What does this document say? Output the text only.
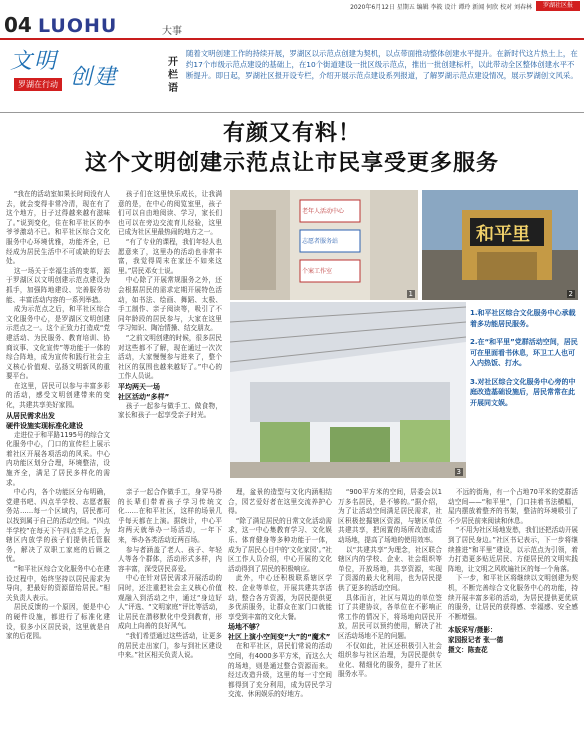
2020年6月12日 星期五 编辑 李筱 设计 谭玲 新闻 何欣 校对 刘春林	罗湖社区报
04 LUOHU	大事
文明
创建
罗湖在行动
开栏语
随着文明创建工作的持续开展，罗湖区以示范点创建为契机，以点带面推动整体创建水平提升。在新时代这片热土上，在约17个市级示范点建设的基础上，在10个街道建设一批区级示范点，推出一批创建标杆，以此带动全区整体创建水平不断提升。即日起，罗湖社区报开设专栏，介绍开展示范点建设系列报道，了解罗湖示范点建设情况，展示罗湖创文风采。
有颜又有料！
这个文明创建示范点让市民享受更多服务

“我在的活动室如果长时间没有人去，就会变得非常冷清，现在有了这个地方，日子过得越来越有滋味了。”说到变化，住在和平社区的李爷爷激动不已。和平社区综合文化服务中心环境优雅，功能齐全，已经成为居民生活中不可或缺的好去处。

这一场关于幸福生活的变革，源于罗湖区以文明创建示范点建设为抓手，加强阵地建设、完善服务功能、丰富活动内容的一系列举措。

成为示范点之后，和平社区综合文化服务中心，是罗湖区文明创建示范点之一。这个正致力打造成“党建活动、为民服务、教育培训、协商议事、文化宣传”等功能于一体的综合阵地，成为宣传和践行社会主义核心价值观、弘扬文明新风的重要平台。

在这里，居民可以参与丰富多彩的活动，感受文明创建带来的变化，共建共享美好家园。

从居民需求出发
硬件设施实现标准化建设

走进位于和平路1195号的综合文化服务中心，门口的宣传栏上展示着社区开展各项活动的风采。中心内功能区划分合理，环境整洁，设施齐全，满足了居民多样化的需求。

中心内，各个功能区分布明确，党建书吧、四点半学校、志愿者服务站……每一个区域内，居民都可以找到属于自己的活动空间。“四点半学校”在每天下午四点半之后，为辖区内放学的孩子们提供托管服务，解决了双职工家庭的后顾之忧。

“和平社区综合文化服务中心在建设过程中，始终坚持以居民需求为导向，把最好的资源留给居民。”相关负责人表示。

居民反馈的一个原因，便是中心的硬件设施，都进行了标准化建设，很多小区居民说，这里就是自家的后花园。

孩子们在这里快乐成长，让我满意的是，在中心的阅览室里，孩子们可以自由地阅读、学习，家长们也可以在旁边交流育儿经验，这里已成为社区里最热闹的地方之一。

“有了专业的课程，我们年轻人也愿意来了，这里办的活动也非常丰富，我觉得周末在家还不如来这里。”居民邓女士说。

中心除了开展常规服务之外，还会根据居民的需求定期开展特色活动，如书法、绘画、舞蹈、太极、手工制作、亲子阅读等，吸引了不同年龄段的居民参与，大家在这里学习知识、陶冶情操、结交朋友。

“之前文明创建的时候，很多居民对这些都不了解，现在通过一次次活动，大家慢慢参与进来了，整个社区的氛围也越来越好了。”中心的工作人员说。

平均两天一场
社区活动“多样”

孩子一起参与做手工、做食物，家长和孩子一起享受亲子时光。

老年人活动中心
志愿者服务站
个案工作室
1
和平里
2
3

1.和平社区综合文化服务中心承载着多功能居民服务。

2.在“和平里”党群活动空间，居民可在里面看书休息，环卫工人也可入内热饭、打水。

3.对社区综合文化服务中心旁的中庭改造基础设施后，居民常常在此开展同文娱。

亲子一起合作做手工，身穿马褂的长辈们带着孩子学习传统文化……在和平社区，这样的场景几乎每天都在上演。据统计，中心平均两天就举办一场活动，一年下来，举办各类活动近两百场。

参与者涵盖了老人、孩子、年轻人等各个群体，活动形式多样，内容丰富，深受居民喜爱。

中心在针对居民需求开展活动的同时，还注重把社会主义核心价值观融入到活动之中，通过“身边好人”评选、“文明家庭”评比等活动，让居民在潜移默化中受到教育，形成向上向善的良好风气。

“我们希望通过这些活动，让更多的居民走出家门，参与到社区建设中来。”社区相关负责人说。

理，盆景的造型与文化内涵相结合，园艺爱好者在这里交流养护心得。

“除了满足居民的日常文化活动需求，这一中心集教育学习、文化娱乐、体育健身等多种功能于一体，成为了居民心目中的‘文化家园’。”社区工作人员介绍，中心开展的文化活动得到了居民的积极响应。

此外，中心还积极联系辖区学校、企业等单位，开展共建共享活动，整合各方资源，为居民提供更多优质服务，让群众在家门口就能享受到丰富的文化大餐。

场地不够？
社区上演小空间变“大”的“魔术”

在和平社区，居民们常说的活动空间，有4000多平方米，而这么大的场地，则是通过整合资源而来。经过改造升级，这里的每一寸空间都得到了充分利用，成为居民学习交流、休闲娱乐的好地方。

“900平方米的空间，居委会以1万多名居民，是不够的。”据介绍，为了让活动空间满足居民需求，社区积极挖掘辖区资源，与辖区单位共建共享，把闲置的场所改造成活动场地，提高了场地的使用效率。

以“共建共享”为理念，社区联合辖区内的学校、企业、社会组织等单位，开放场地，共享资源，实现了资源的最大化利用，也为居民提供了更多的活动空间。

具体而言，社区与周边的单位签订了共建协议，各单位在不影响正常工作的情况下，将场地向居民开放，居民可以预约使用，解决了社区活动场地不足的问题。

不仅如此，社区还积极引入社会组织参与社区治理，为居民提供专业化、精细化的服务，提升了社区服务水平。

不远的街角，有一个占地70平米的党群活动空间——“和平里”，门口挂着书法横幅，屋内摆放着整齐的书架，整洁的环境吸引了不少居民前来阅读和休息。

“不用为社区场地发愁，我们还把活动开展到了居民身边。”社区书记表示，下一步将继续推进“和平里”建设，以示范点为引领，着力打造更多贴近居民、方便居民的文明实践阵地，让文明之风吹遍社区的每一个角落。

下一步，和平社区将继续以文明创建为契机，不断完善综合文化服务中心的功能，持续开展丰富多彩的活动，为居民提供更优质的服务，让居民的获得感、幸福感、安全感不断增强。

本版采写/摄影：
家园报记者 张一德
摄文：陈查花
